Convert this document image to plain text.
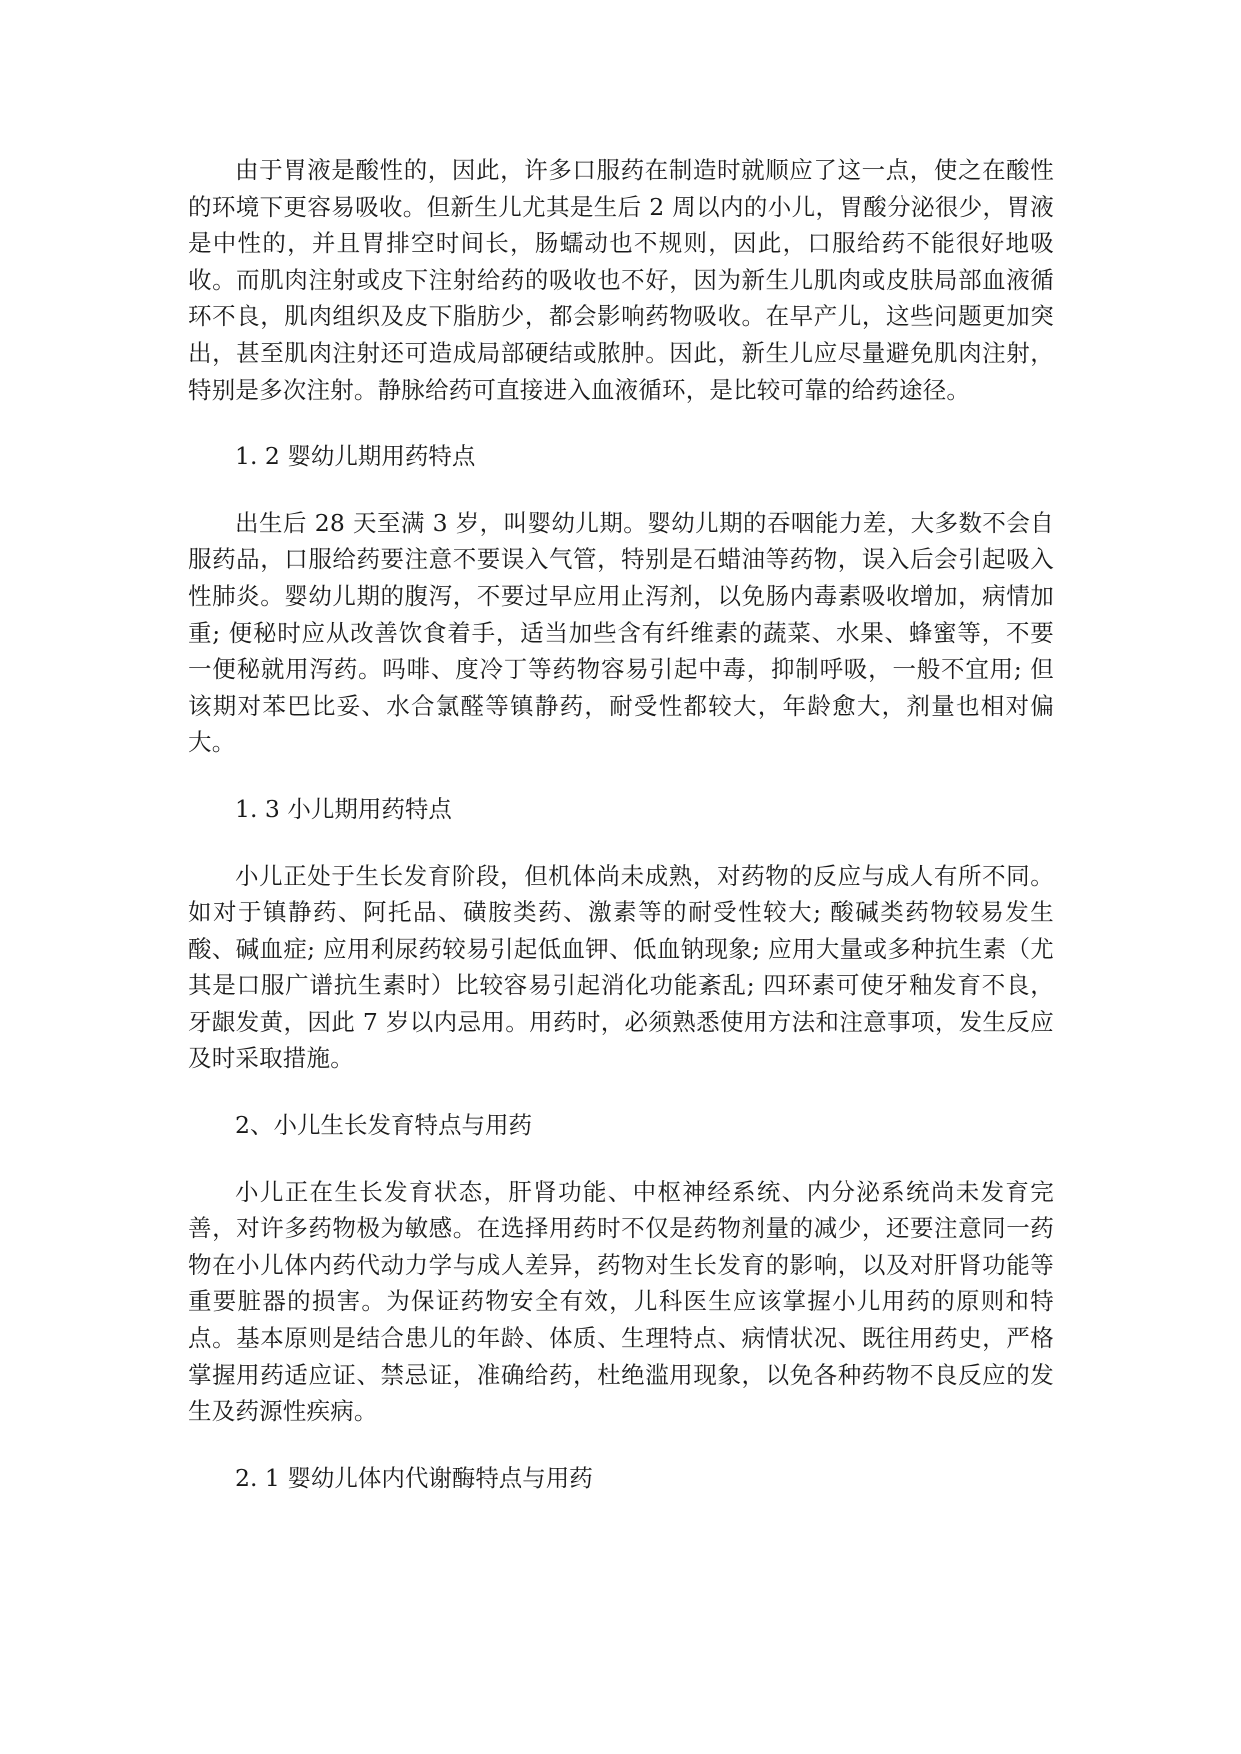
由于胃液是酸性的，因此，许多口服药在制造时就顺应了这一点，使之在酸性的环境下更容易吸收。但新生儿尤其是生后 2 周以内的小儿，胃酸分泌很少，胃液是中性的，并且胃排空时间长，肠蠕动也不规则，因此，口服给药不能很好地吸收。而肌肉注射或皮下注射给药的吸收也不好，因为新生儿肌肉或皮肤局部血液循环不良，肌肉组织及皮下脂肪少，都会影响药物吸收。在早产儿，这些问题更加突出，甚至肌肉注射还可造成局部硬结或脓肿。因此，新生儿应尽量避免肌肉注射，特别是多次注射。静脉给药可直接进入血液循环，是比较可靠的给药途径。

1. 2 婴幼儿期用药特点

出生后 28 天至满 3 岁，叫婴幼儿期。婴幼儿期的吞咽能力差，大多数不会自服药品，口服给药要注意不要误入气管，特别是石蜡油等药物，误入后会引起吸入性肺炎。婴幼儿期的腹泻，不要过早应用止泻剂，以免肠内毒素吸收增加，病情加重; 便秘时应从改善饮食着手，适当加些含有纤维素的蔬菜、水果、蜂蜜等，不要一便秘就用泻药。吗啡、度冷丁等药物容易引起中毒，抑制呼吸，一般不宜用; 但该期对苯巴比妥、水合氯醛等镇静药，耐受性都较大，年龄愈大，剂量也相对偏大。

1. 3 小儿期用药特点

小儿正处于生长发育阶段，但机体尚未成熟，对药物的反应与成人有所不同。如对于镇静药、阿托品、磺胺类药、激素等的耐受性较大; 酸碱类药物较易发生酸、碱血症; 应用利尿药较易引起低血钾、低血钠现象; 应用大量或多种抗生素（尤其是口服广谱抗生素时）比较容易引起消化功能紊乱; 四环素可使牙釉发育不良，牙龈发黄，因此 7 岁以内忌用。用药时，必须熟悉使用方法和注意事项，发生反应及时采取措施。

2、小儿生长发育特点与用药

小儿正在生长发育状态，肝肾功能、中枢神经系统、内分泌系统尚未发育完善，对许多药物极为敏感。在选择用药时不仅是药物剂量的减少，还要注意同一药物在小儿体内药代动力学与成人差异，药物对生长发育的影响，以及对肝肾功能等重要脏器的损害。为保证药物安全有效，儿科医生应该掌握小儿用药的原则和特点。基本原则是结合患儿的年龄、体质、生理特点、病情状况、既往用药史，严格掌握用药适应证、禁忌证，准确给药，杜绝滥用现象，以免各种药物不良反应的发生及药源性疾病。

2. 1 婴幼儿体内代谢酶特点与用药
